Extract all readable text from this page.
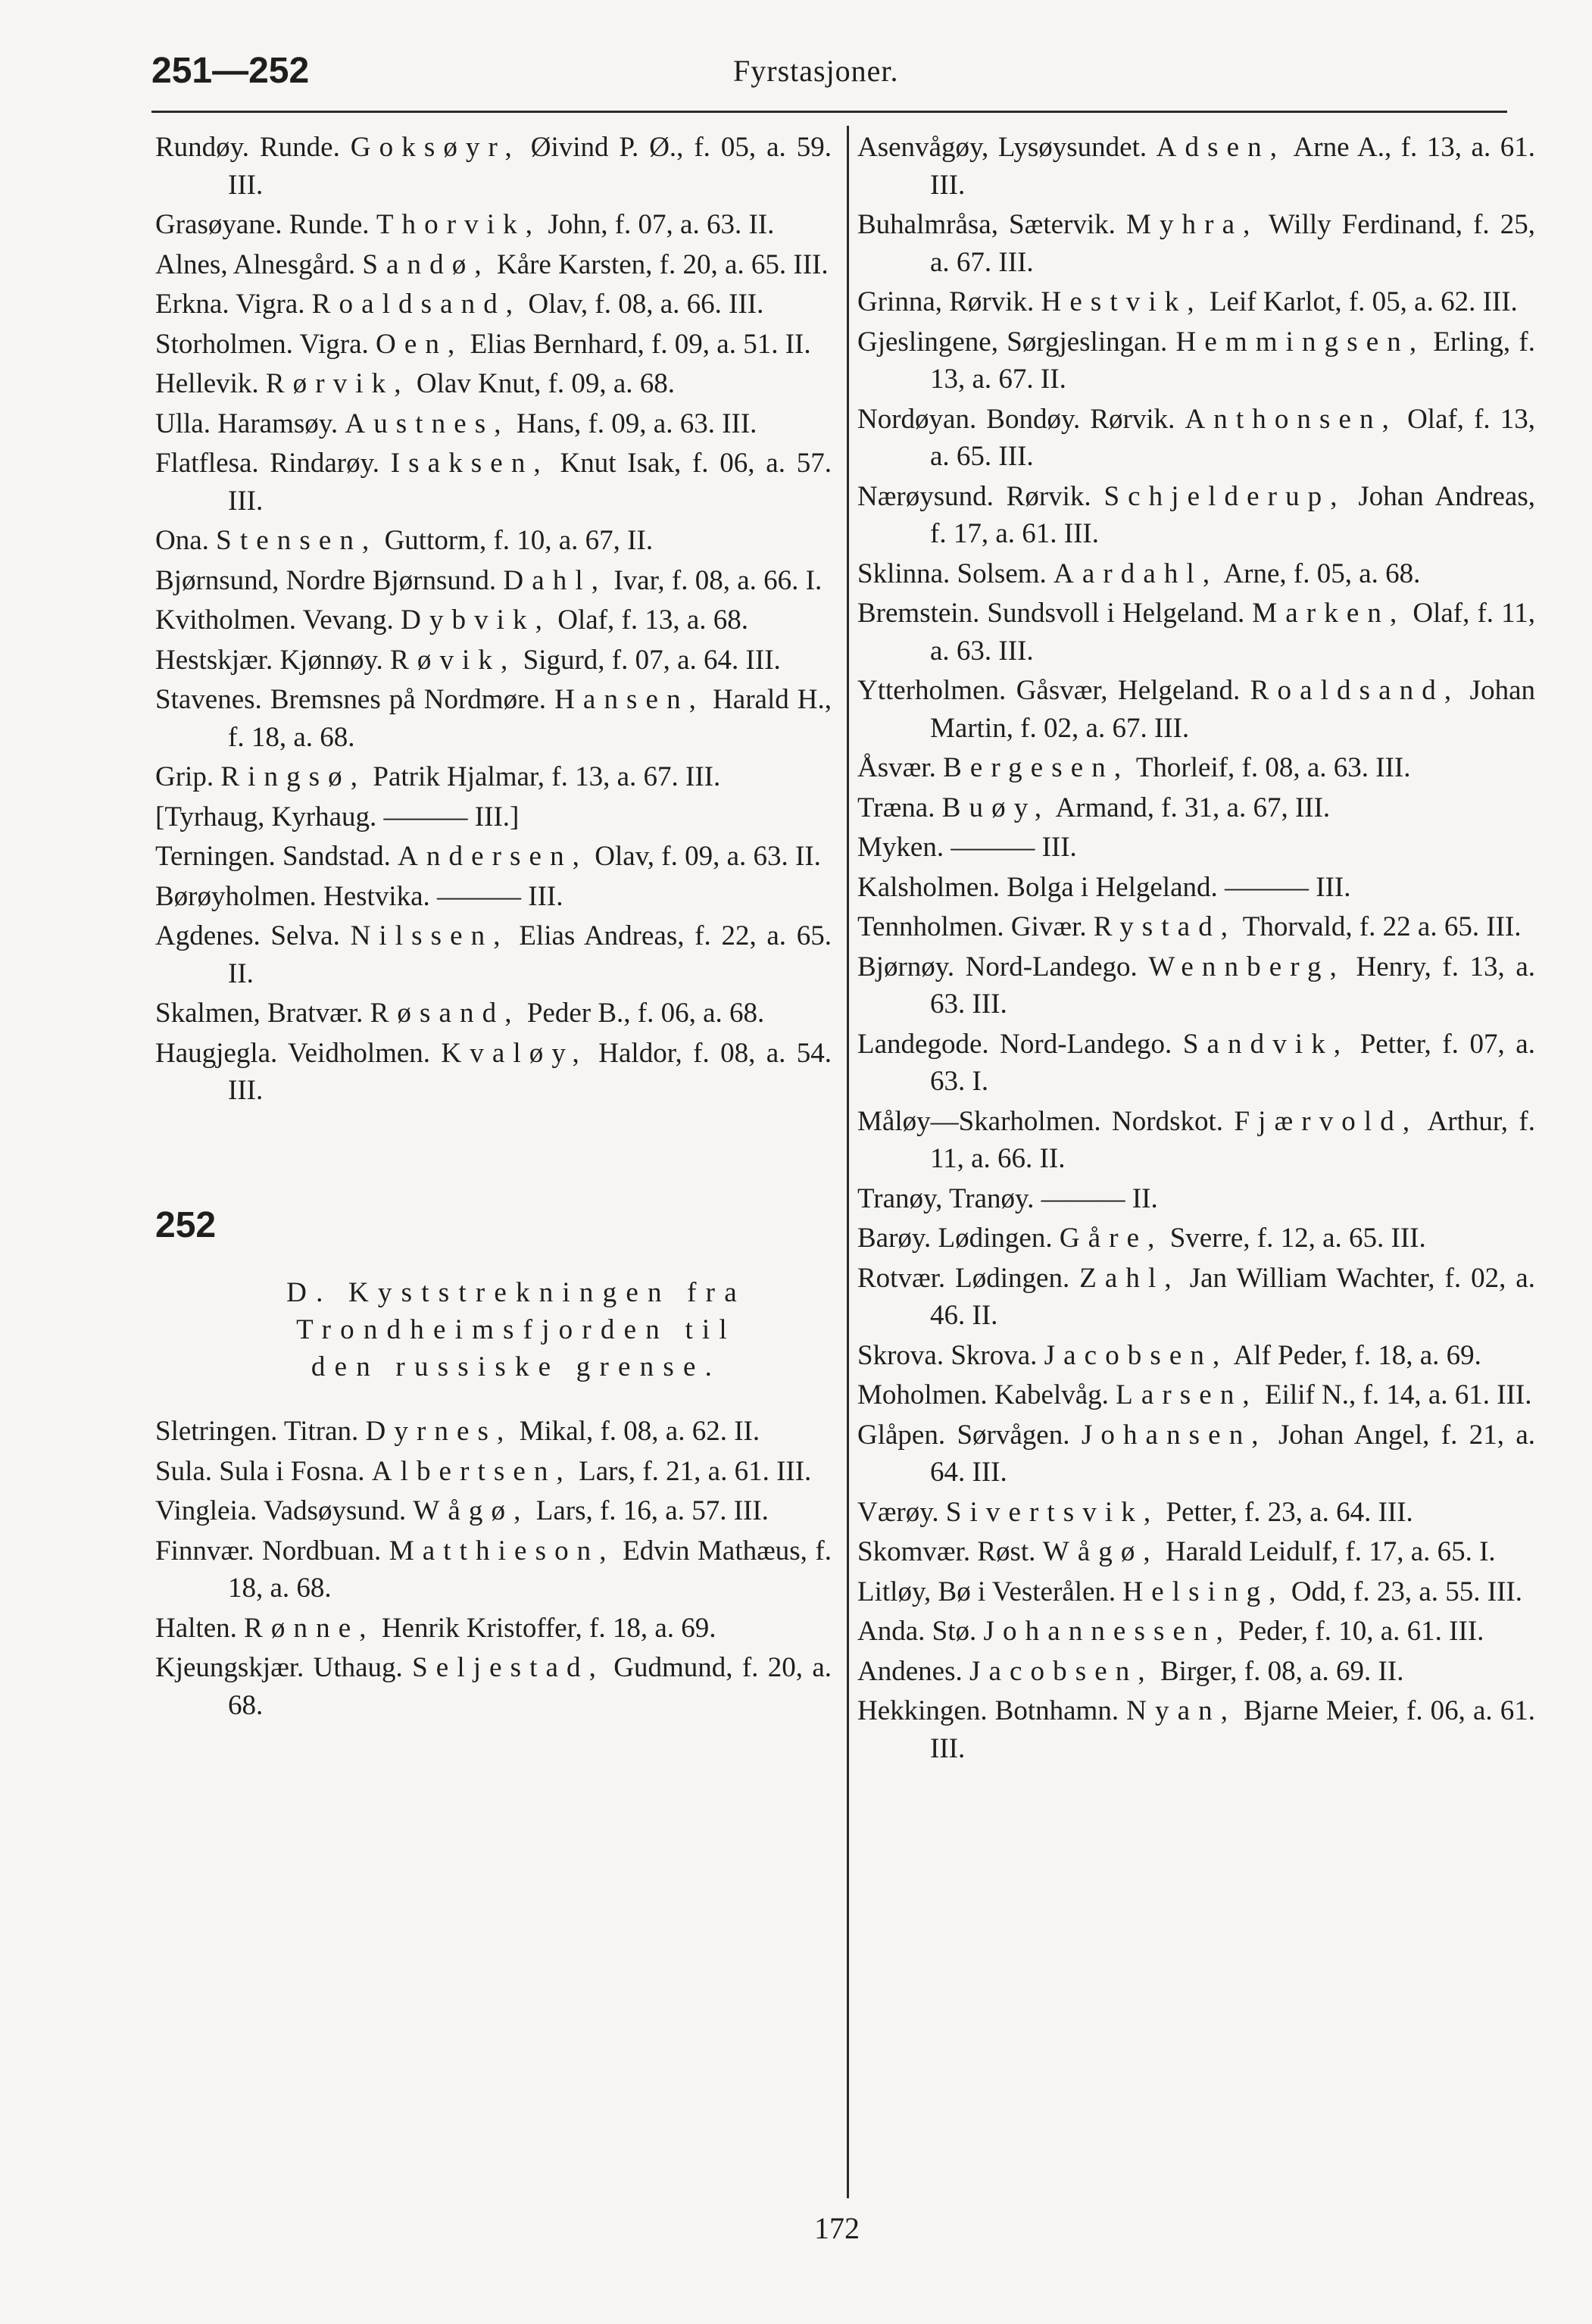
251—252	Fyrstasjoner.
Rundøy. Runde. Goksøyr, Øivind P. Ø., f. 05, a. 59. III.
Grasøyane. Runde. Thorvik, John, f. 07, a. 63. II.
Alnes, Alnesgård. Sandø, Kåre Karsten, f. 20, a. 65. III.
Erkna. Vigra. Roaldsand, Olav, f. 08, a. 66. III.
Storholmen. Vigra. Oen, Elias Bernhard, f. 09, a. 51. II.
Hellevik. Rørvik, Olav Knut, f. 09, a. 68.
Ulla. Haramsøy. Austnes, Hans, f. 09, a. 63. III.
Flatflesa. Rindarøy. Isaksen, Knut Isak, f. 06, a. 57. III.
Ona. Stensen, Guttorm, f. 10, a. 67, II.
Bjørnsund, Nordre Bjørnsund. Dahl, Ivar, f. 08, a. 66. I.
Kvitholmen. Vevang. Dybvik, Olaf, f. 13, a. 68.
Hestskjær. Kjønnøy. Røvik, Sigurd, f. 07, a. 64. III.
Stavenes. Bremsnes på Nordmøre. Hansen, Harald H., f. 18, a. 68.
Grip. Ringsø, Patrik Hjalmar, f. 13, a. 67. III.
[Tyrhaug, Kyrhaug. ——— III.]
Terningen. Sandstad. Andersen, Olav, f. 09, a. 63. II.
Børøyholmen. Hestvika. ——— III.
Agdenes. Selva. Nilssen, Elias Andreas, f. 22, a. 65. II.
Skalmen, Bratvær. Røsand, Peder B., f. 06, a. 68.
Haugjegla. Veidholmen. Kvaløy, Haldor, f. 08, a. 54. III.
252
D. Kyststrekningen fra
Trondheimsfjorden til
den russiske grense.
Sletringen. Titran. Dyrnes, Mikal, f. 08, a. 62. II.
Sula. Sula i Fosna. Albertsen, Lars, f. 21, a. 61. III.
Vingleia. Vadsøysund. Wågø, Lars, f. 16, a. 57. III.
Finnvær. Nordbuan. Matthieson, Edvin Mathæus, f. 18, a. 68.
Halten. Rønne, Henrik Kristoffer, f. 18, a. 69.
Kjeungskjær. Uthaug. Seljestad, Gudmund, f. 20, a. 68.
Asenvågøy, Lysøysundet. Adsen, Arne A., f. 13, a. 61. III.
Buhalmråsa, Sætervik. Myhra, Willy Ferdinand, f. 25, a. 67. III.
Grinna, Rørvik. Hestvik, Leif Karlot, f. 05, a. 62. III.
Gjeslingene, Sørgjeslingan. Hemmingsen, Erling, f. 13, a. 67. II.
Nordøyan. Bondøy. Rørvik. Anthonsen, Olaf, f. 13, a. 65. III.
Nærøysund. Rørvik. Schjelderup, Johan Andreas, f. 17, a. 61. III.
Sklinna. Solsem. Aardahl, Arne, f. 05, a. 68.
Bremstein. Sundsvoll i Helgeland. Marken, Olaf, f. 11, a. 63. III.
Ytterholmen. Gåsvær, Helgeland. Roaldsand, Johan Martin, f. 02, a. 67. III.
Åsvær. Bergesen, Thorleif, f. 08, a. 63. III.
Træna. Buøy, Armand, f. 31, a. 67, III.
Myken. ——— III.
Kalsholmen. Bolga i Helgeland. ——— III.
Tennholmen. Givær. Rystad, Thorvald, f. 22 a. 65. III.
Bjørnøy. Nord-Landego. Wennberg, Henry, f. 13, a. 63. III.
Landegode. Nord-Landego. Sandvik, Petter, f. 07, a. 63. I.
Måløy—Skarholmen. Nordskot. Fjærvold, Arthur, f. 11, a. 66. II.
Tranøy, Tranøy. ——— II.
Barøy. Lødingen. Gåre, Sverre, f. 12, a. 65. III.
Rotvær. Lødingen. Zahl, Jan William Wachter, f. 02, a. 46. II.
Skrova. Skrova. Jacobsen, Alf Peder, f. 18, a. 69.
Moholmen. Kabelvåg. Larsen, Eilif N., f. 14, a. 61. III.
Glåpen. Sørvågen. Johansen, Johan Angel, f. 21, a. 64. III.
Værøy. Sivertsvik, Petter, f. 23, a. 64. III.
Skomvær. Røst. Wågø, Harald Leidulf, f. 17, a. 65. I.
Litløy, Bø i Vesterålen. Helsing, Odd, f. 23, a. 55. III.
Anda. Stø. Johannessen, Peder, f. 10, a. 61. III.
Andenes. Jacobsen, Birger, f. 08, a. 69. II.
Hekkingen. Botnhamn. Nyan, Bjarne Meier, f. 06, a. 61. III.
172
